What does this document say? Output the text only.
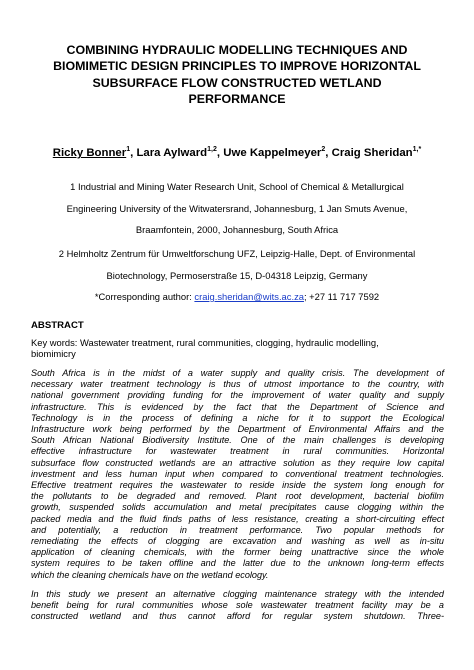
COMBINING HYDRAULIC MODELLING TECHNIQUES AND
BIOMIMETIC DESIGN PRINCIPLES TO IMPROVE HORIZONTAL
SUBSURFACE FLOW CONSTRUCTED WETLAND
PERFORMANCE
Ricky Bonner$^1$, Lara Aylward$^{1,2}$, Uwe Kappelmeyer$^2$, Craig Sheridan$^{1,*}$
1 Industrial and Mining Water Research Unit, School of Chemical & Metallurgical
Engineering University of the Witwatersrand, Johannesburg, 1 Jan Smuts Avenue,
Braamfontein, 2000, Johannesburg, South Africa
2 Helmholtz Zentrum für Umweltforschung UFZ, Leipzig-Halle, Dept. of Environmental
Biotechnology, Permoserstraße 15, D-04318 Leipzig, Germany
*Corresponding author: craig.sheridan@wits.ac.za; +27 11 717 7592
ABSTRACT
Key words: Wastewater treatment, rural communities, clogging, hydraulic modelling,
biomimicry
South Africa is in the midst of a water supply and quality crisis. The development of
necessary water treatment technology is thus of utmost importance to the country, with
national government providing funding for the improvement of water quality and supply
infrastructure. This is evidenced by the fact that the Department of Science and
Technology is in the process of defining a niche for it to support the Ecological
Infrastructure work being performed by the Department of Environmental Affairs and the
South African National Biodiversity Institute. One of the main challenges is developing
effective infrastructure for wastewater treatment in rural communities. Horizontal
subsurface flow constructed wetlands are an attractive solution as they require low capital
investment and less human input when compared to conventional treatment technologies.
Effective treatment requires the wastewater to reside inside the system long enough for
the pollutants to be degraded and removed. Plant root development, bacterial biofilm
growth, suspended solids accumulation and metal precipitates cause clogging within the
packed media and the fluid finds paths of less resistance, creating a short-circuiting effect
and potentially, a reduction in treatment performance. Two popular methods for
remediating the effects of clogging are excavation and washing as well as in-situ
application of cleaning chemicals, with the former being unattractive since the whole
system requires to be taken offline and the latter due to the unknown long-term effects
which the cleaning chemicals have on the wetland ecology.
In this study we present an alternative clogging maintenance strategy with the intended
benefit being for rural communities whose sole wastewater treatment facility may be a
constructed wetland and thus cannot afford for regular system shutdown. Three-
